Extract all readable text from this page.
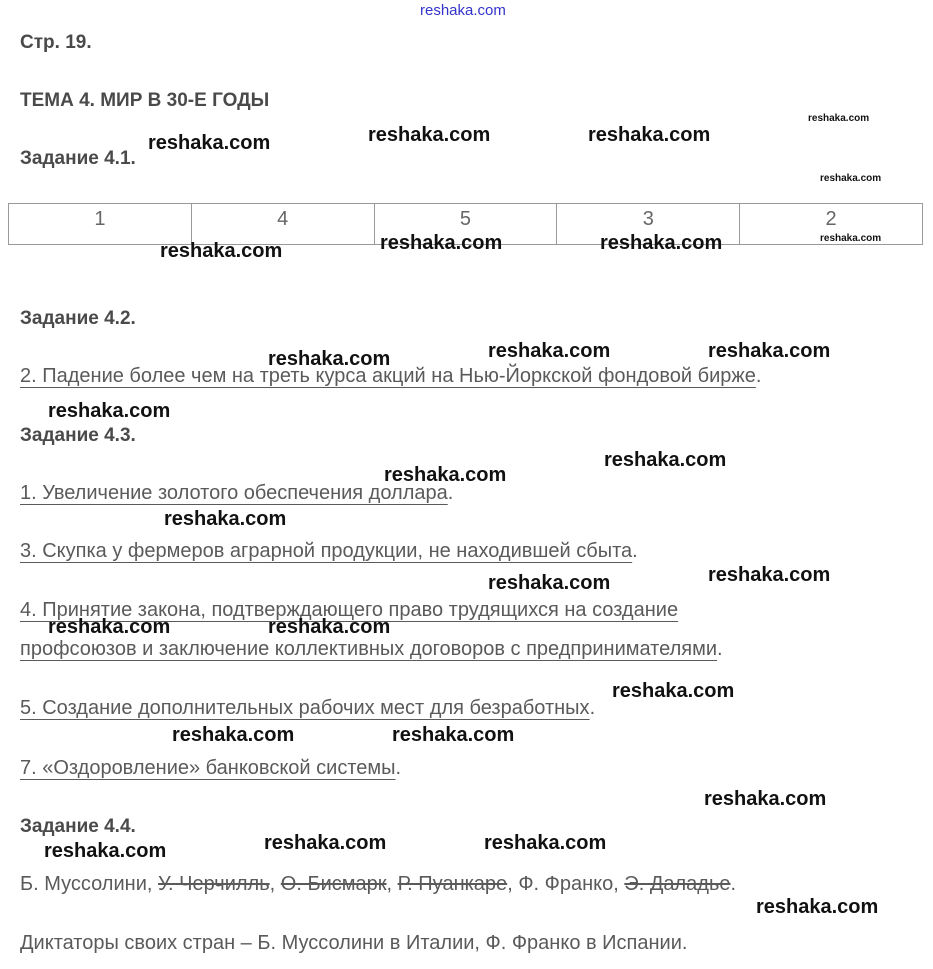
reshaka.com
Стр. 19.
ТЕМА 4. МИР В 30-Е ГОДЫ
Задание 4.1.
1	4	5	3	2
Задание 4.2.
2. Падение более чем на треть курса акций на Нью-Йоркской фондовой бирже.
Задание 4.3.
1. Увеличение золотого обеспечения доллара.
3. Скупка у фермеров аграрной продукции, не находившей сбыта.
4. Принятие закона, подтверждающего право трудящихся на создание
профсоюзов и заключение коллективных договоров с предпринимателями.
5. Создание дополнительных рабочих мест для безработных.
7. «Оздоровление» банковской системы.
Задание 4.4.
Б. Муссолини, У. Черчилль, О. Бисмарк, Р. Пуанкаре, Ф. Франко, Э. Даладье.
Диктаторы своих стран – Б. Муссолини в Италии, Ф. Франко в Испании.
reshaka.com	reshaka.com	reshaka.com
reshaka.com
reshaka.com
reshaka.com
reshaka.com	reshaka.com	reshaka.com
reshaka.com	reshaka.com	reshaka.com
reshaka.com
reshaka.com
reshaka.com
reshaka.com
reshaka.com	reshaka.com
reshaka.com	reshaka.com
reshaka.com
reshaka.com	reshaka.com
reshaka.com
reshaka.com	reshaka.com	reshaka.com
reshaka.com
